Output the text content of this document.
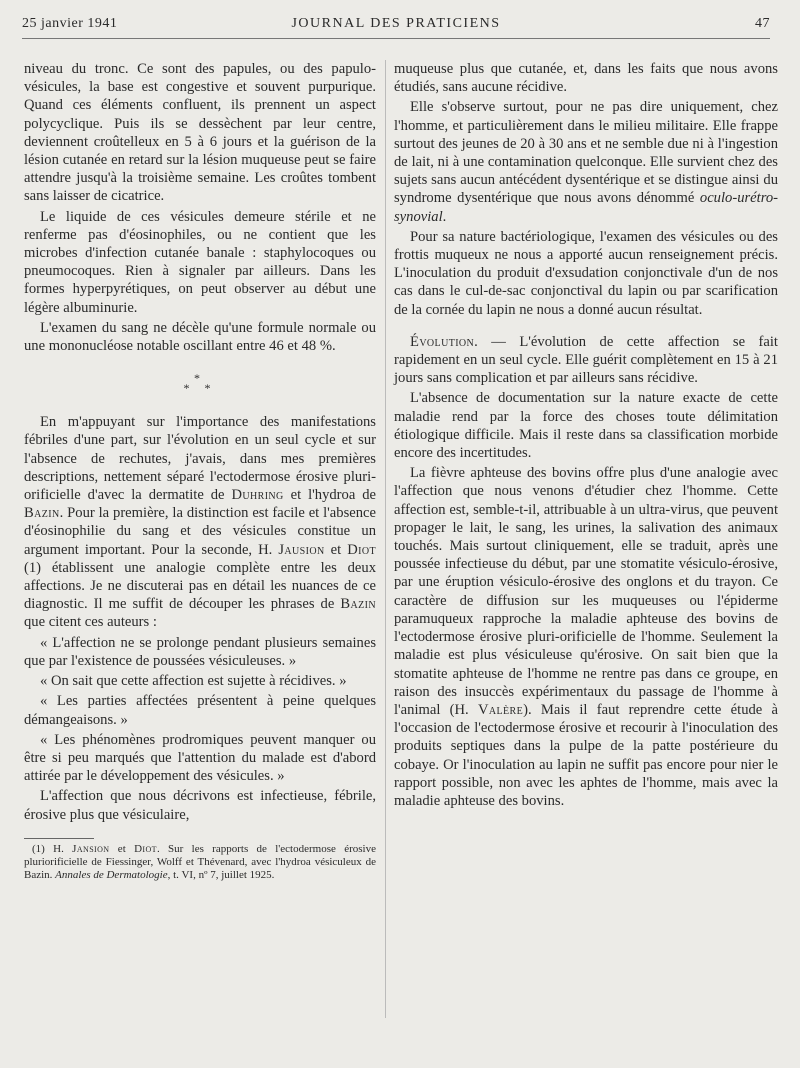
25 janvier 1941	JOURNAL DES PRATICIENS	47

niveau du tronc. Ce sont des papules, ou des papulo-vésicules, la base est congestive et souvent purpurique. Quand ces éléments confluent, ils prennent un aspect polycyclique. Puis ils se dessèchent par leur centre, deviennent croûtelleux en 5 à 6 jours et la guérison de la lésion cutanée en retard sur la lésion muqueuse peut se faire attendre jusqu'à la troisième semaine. Les croûtes tombent sans laisser de cicatrice.

Le liquide de ces vésicules demeure stérile et ne renferme pas d'éosinophiles, ou ne contient que les microbes d'infection cutanée banale : staphylocoques ou pneumocoques. Rien à signaler par ailleurs. Dans les formes hyperpyrétiques, on peut observer au début une légère albuminurie.

L'examen du sang ne décèle qu'une formule normale ou une mononucléose notable oscillant entre 46 et 48 %.

*
* *

En m'appuyant sur l'importance des manifestations fébriles d'une part, sur l'évolution en un seul cycle et sur l'absence de rechutes, j'avais, dans mes premières descriptions, nettement séparé l'ectodermose érosive pluri-orificielle d'avec la dermatite de Duhring et l'hydroa de Bazin. Pour la première, la distinction est facile et l'absence d'éosinophilie du sang et des vésicules constitue un argument important. Pour la seconde, H. Jausion et Diot (1) établissent une analogie complète entre les deux affections. Je ne discuterai pas en détail les nuances de ce diagnostic. Il me suffit de découper les phrases de Bazin que citent ces auteurs :

« L'affection ne se prolonge pendant plusieurs semaines que par l'existence de poussées vésiculeuses. »

« On sait que cette affection est sujette à récidives. »

« Les parties affectées présentent à peine quelques démangeaisons. »

« Les phénomènes prodromiques peuvent manquer ou être si peu marqués que l'attention du malade est d'abord attirée par le développement des vésicules. »

L'affection que nous décrivons est infectieuse, fébrile, érosive plus que vésiculaire,

(1) H. Jansion et Diot. Sur les rapports de l'ectodermose érosive pluriorificielle de Fiessinger, Wolff et Thévenard, avec l'hydroa vésiculeux de Bazin. Annales de Dermatologie, t. VI, nº 7, juillet 1925.

muqueuse plus que cutanée, et, dans les faits que nous avons étudiés, sans aucune récidive.

Elle s'observe surtout, pour ne pas dire uniquement, chez l'homme, et particulièrement dans le milieu militaire. Elle frappe surtout des jeunes de 20 à 30 ans et ne semble due ni à l'ingestion de lait, ni à une contamination quelconque. Elle survient chez des sujets sans aucun antécédent dysentérique et se distingue ainsi du syndrome dysentérique que nous avons dénommé oculo-urétro-synovial.

Pour sa nature bactériologique, l'examen des vésicules ou des frottis muqueux ne nous a apporté aucun renseignement précis. L'inoculation du produit d'exsudation conjonctivale d'un de nos cas dans le cul-de-sac conjonctival du lapin ou par scarification de la cornée du lapin ne nous a donné aucun résultat.

Évolution. — L'évolution de cette affection se fait rapidement en un seul cycle. Elle guérit complètement en 15 à 21 jours sans complication et par ailleurs sans récidive.

L'absence de documentation sur la nature exacte de cette maladie rend par la force des choses toute délimitation étiologique difficile. Mais il reste dans sa classification morbide encore des incertitudes.

La fièvre aphteuse des bovins offre plus d'une analogie avec l'affection que nous venons d'étudier chez l'homme. Cette affection est, semble-t-il, attribuable à un ultra-virus, que peuvent propager le lait, le sang, les urines, la salivation des animaux touchés. Mais surtout cliniquement, elle se traduit, après une poussée infectieuse du début, par une stomatite vésiculo-érosive, par une éruption vésiculo-érosive des onglons et du trayon. Ce caractère de diffusion sur les muqueuses ou l'épiderme paramuqueux rapproche la maladie aphteuse des bovins de l'ectodermose érosive pluri-orificielle de l'homme. Seulement la maladie est plus vésiculeuse qu'érosive. On sait bien que la stomatite aphteuse de l'homme ne rentre pas dans ce groupe, en raison des insuccès expérimentaux du passage de l'homme à l'animal (H. Valère). Mais il faut reprendre cette étude à l'occasion de l'ectodermose érosive et recourir à l'inoculation des produits septiques dans la pulpe de la patte postérieure du cobaye. Or l'inoculation au lapin ne suffit pas encore pour nier le rapport possible, non avec les aphtes de l'homme, mais avec la maladie aphteuse des bovins.
